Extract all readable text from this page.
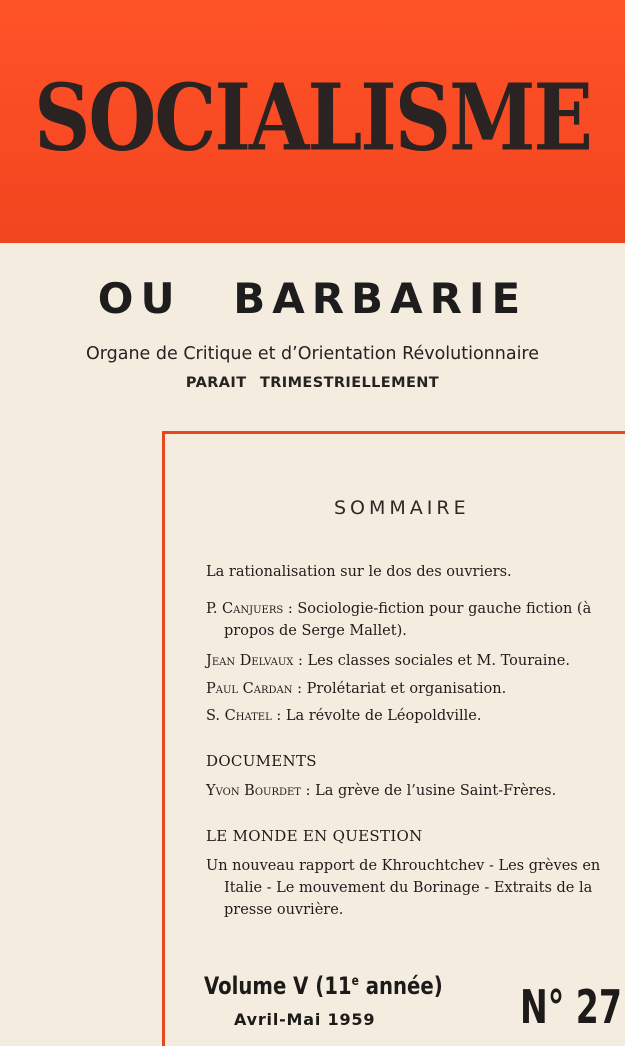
SOCIALISME
OU BARBARIE
Organe de Critique et d’Orientation Révolutionnaire
PARAIT TRIMESTRIELLEMENT
SOMMAIRE
La rationalisation sur le dos des ouvriers.
P. Canjuers : Sociologie-fiction pour gauche fiction (à propos de Serge Mallet).
Jean Delvaux : Les classes sociales et M. Touraine.
Paul Cardan : Prolétariat et organisation.
S. Chatel : La révolte de Léopoldville.
DOCUMENTS
Yvon Bourdet : La grève de l’usine Saint-Frères.
LE MONDE EN QUESTION
Un nouveau rapport de Khrouchtchev - Les grèves en Italie - Le mouvement du Borinage - Extraits de la presse ouvrière.
Volume V (11e année)
Avril-Mai 1959	N° 27
